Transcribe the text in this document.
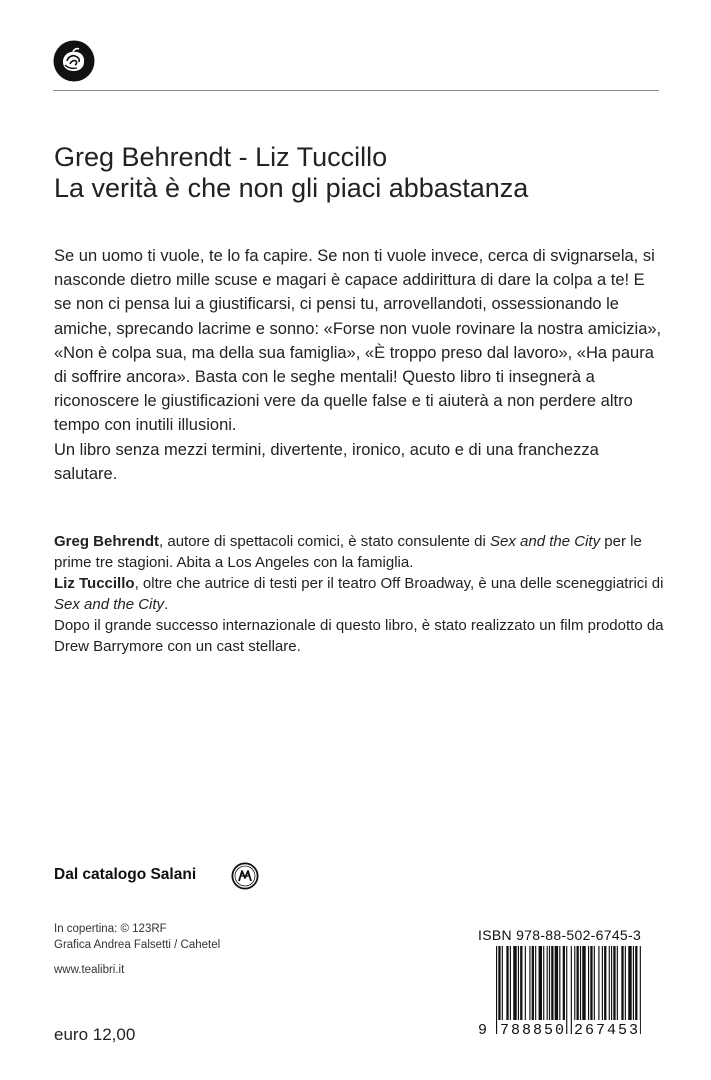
Greg Behrendt - Liz Tuccillo
La verità è che non gli piaci abbastanza

Se un uomo ti vuole, te lo fa capire. Se non ti vuole invece, cerca di svignarsela, si nasconde dietro mille scuse e magari è capace addirittura di dare la colpa a te! E se non ci pensa lui a giustificarsi, ci pensi tu, arrovellandoti, ossessionando le amiche, sprecando lacrime e sonno: «Forse non vuole rovinare la nostra amicizia», «Non è colpa sua, ma della sua famiglia», «È troppo preso dal lavoro», «Ha paura di soffrire ancora». Basta con le seghe mentali! Questo libro ti insegnerà a riconoscere le giustificazioni vere da quelle false e ti aiuterà a non perdere altro tempo con inutili illusioni.

Un libro senza mezzi termini, divertente, ironico, acuto e di una franchezza salutare.

Greg Behrendt, autore di spettacoli comici, è stato consulente di Sex and the City per le prime tre stagioni. Abita a Los Angeles con la famiglia.

Liz Tuccillo, oltre che autrice di testi per il teatro Off Broadway, è una delle sceneggiatrici di Sex and the City.

Dopo il grande successo internazionale di questo libro, è stato realizzato un film prodotto da Drew Barrymore con un cast stellare.

Dal catalogo Salani
In copertina: © 123RF
Grafica Andrea Falsetti / Cahetel
www.tealibri.it
euro 12,00
ISBN 978-88-502-6745-3
9 788850 267453
